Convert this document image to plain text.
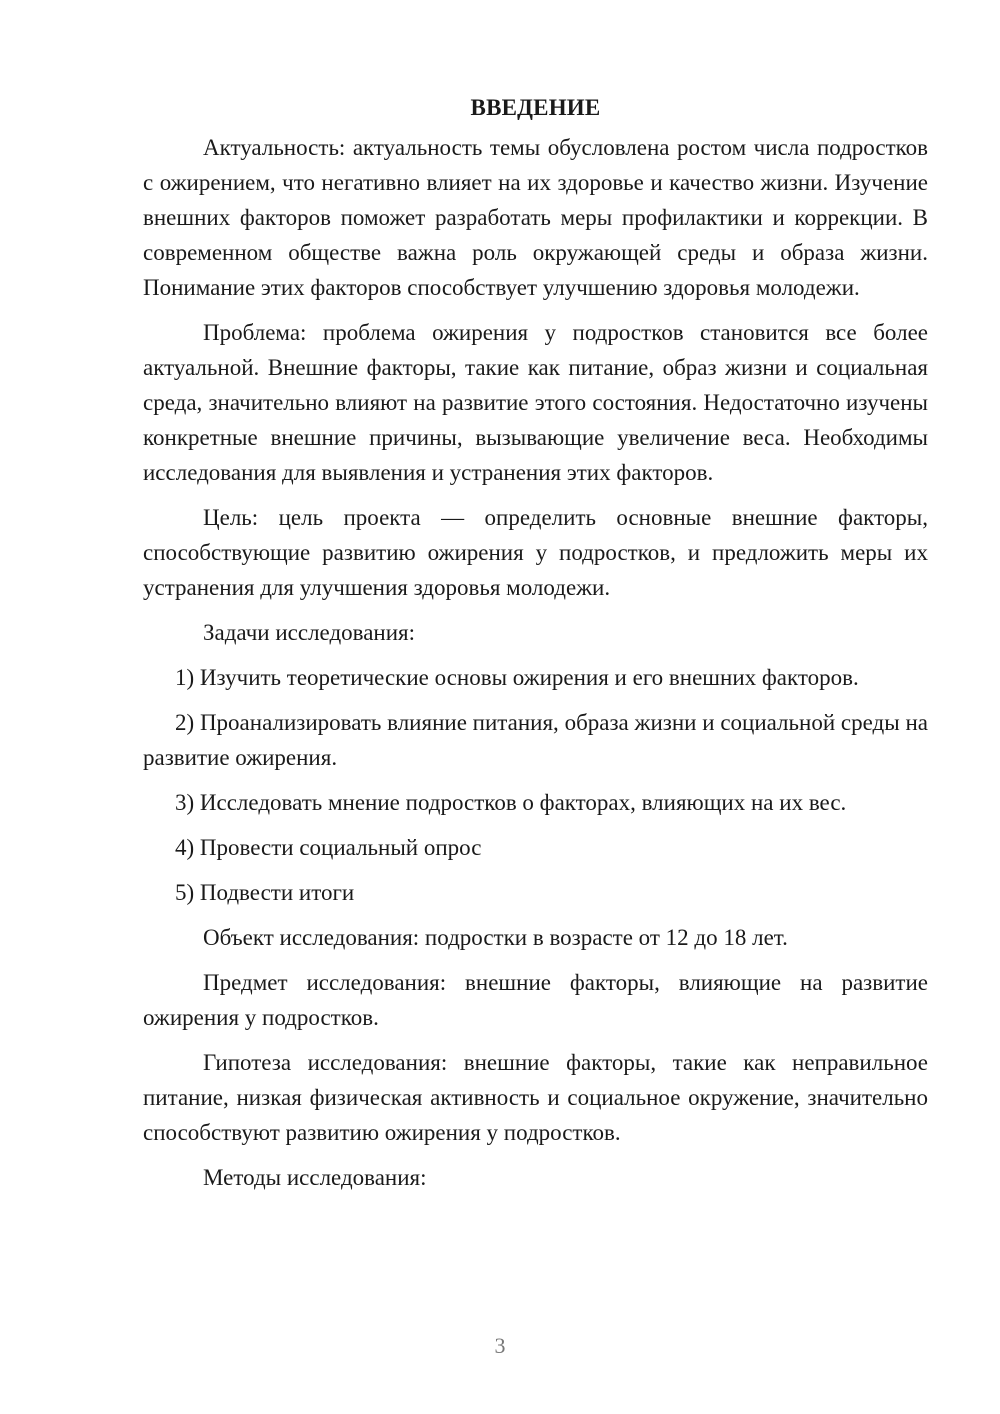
ВВЕДЕНИЕ

Актуальность: актуальность темы обусловлена ростом числа подростков с ожирением, что негативно влияет на их здоровье и качество жизни. Изучение внешних факторов поможет разработать меры профилактики и коррекции. В современном обществе важна роль окружающей среды и образа жизни. Понимание этих факторов способствует улучшению здоровья молодежи.

Проблема: проблема ожирения у подростков становится все более актуальной. Внешние факторы, такие как питание, образ жизни и социальная среда, значительно влияют на развитие этого состояния. Недостаточно изучены конкретные внешние причины, вызывающие увеличение веса. Необходимы исследования для выявления и устранения этих факторов.

Цель: цель проекта — определить основные внешние факторы, способствующие развитию ожирения у подростков, и предложить меры их устранения для улучшения здоровья молодежи.

Задачи исследования:

1) Изучить теоретические основы ожирения и его внешних факторов.

2) Проанализировать влияние питания, образа жизни и социальной среды на развитие ожирения.

3) Исследовать мнение подростков о факторах, влияющих на их вес.

4) Провести социальный опрос

5) Подвести итоги

Объект исследования: подростки в возрасте от 12 до 18 лет.

Предмет исследования: внешние факторы, влияющие на развитие ожирения у подростков.

Гипотеза исследования: внешние факторы, такие как неправильное питание, низкая физическая активность и социальное окружение, значительно способствуют развитию ожирения у подростков.

Методы исследования:

3
